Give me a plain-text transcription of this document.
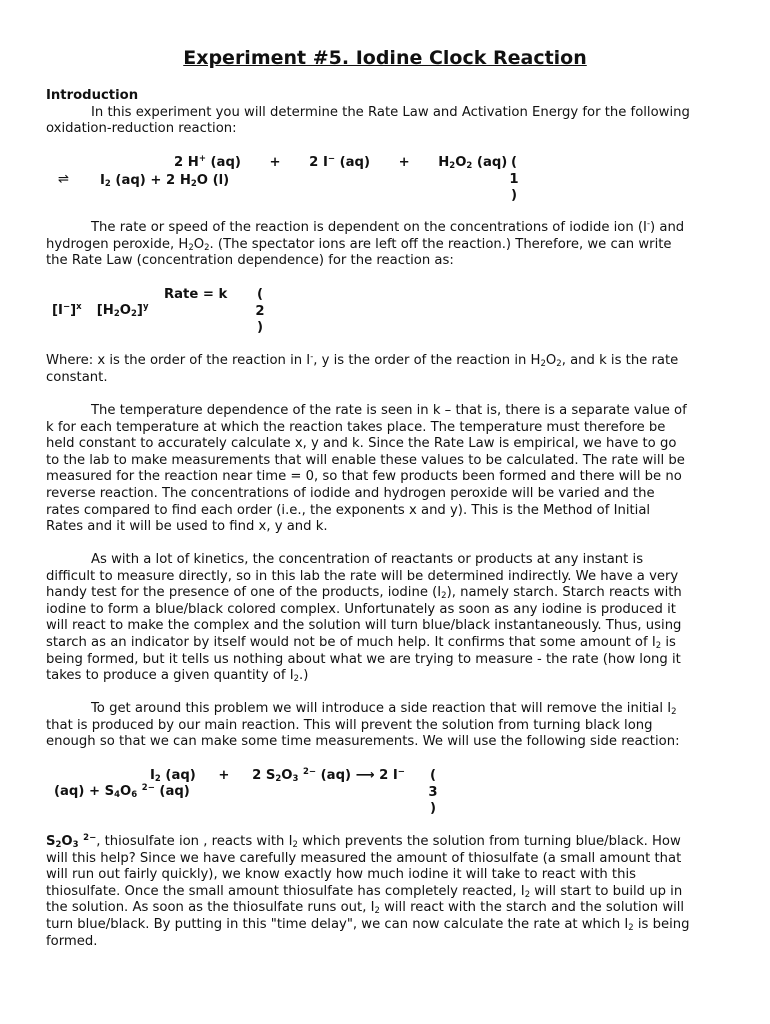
Experiment #5. Iodine Clock Reaction
Introduction
In this experiment you will determine the Rate Law and Activation Energy for the following
oxidation-reduction reaction:
2 H+ (aq) + 2 I− $(aq) + H_2O_2$ (aq)
⇌ $I_2$ (aq) + 2 $H_2O$ (l)
(
1
)
The rate or speed of the reaction is dependent on the concentrations of iodide ion (I-) and
hydrogen peroxide, $H_2O_2$. (The spectator ions are left off the reaction.) Therefore, we can write
the Rate Law (concentration dependence) for the reaction as:
Rate = k
$[I^-]^x$ $[H_2O_2]^y$
(
2
)
Where: x is the order of the reaction in I-, y is the order of the reaction in $H_2O_2$, and k is the rate
constant.
The temperature dependence of the rate is seen in k – that is, there is a separate value of
k for each temperature at which the reaction takes place. The temperature must therefore be
held constant to accurately calculate x, y and k. Since the Rate Law is empirical, we have to go
to the lab to make measurements that will enable these values to be calculated. The rate will be
measured for the reaction near time = 0, so that few products been formed and there will be no
reverse reaction. The concentrations of iodide and hydrogen peroxide will be varied and the
rates compared to find each order (i.e., the exponents x and y). This is the Method of Initial
Rates and it will be used to find x, y and k.
As with a lot of kinetics, the concentration of reactants or products at any instant is
difficult to measure directly, so in this lab the rate will be determined indirectly. We have a very
handy test for the presence of one of the products, iodine $(I_2)$, namely starch. Starch reacts with
iodine to form a blue/black colored complex. Unfortunately as soon as any iodine is produced it
will react to make the complex and the solution will turn blue/black instantaneously. Thus, using
starch as an indicator by itself would not be of much help. It confirms that some amount of $I_2$ is
being formed, but it tells us nothing about what we are trying to measure - the rate (how long it
takes to produce a given quantity of $I_2$.)
To get around this problem we will introduce a side reaction that will remove the initial $I_2$
that is produced by our main reaction. This will prevent the solution from turning black long
enough so that we can make some time measurements. We will use the following side reaction:
$I_2$ (aq) + 2 $S_2O_3$ $^{2-}$ (aq) ⟶ 2 I−
$(aq) + S_4O_6$ $^{2-}$ (aq)
(
3
)
$S_2O_3$ $^{2-}$, thiosulfate ion , reacts with $I_2$ which prevents the solution from turning blue/black. How
will this help? Since we have carefully measured the amount of thiosulfate (a small amount that
will run out fairly quickly), we know exactly how much iodine it will take to react with this
thiosulfate. Once the small amount thiosulfate has completely reacted, $I_2$ will start to build up in
the solution. As soon as the thiosulfate runs out, $I_2$ will react with the starch and the solution will
turn blue/black. By putting in this "time delay", we can now calculate the rate at which $I_2$ is being
formed.
